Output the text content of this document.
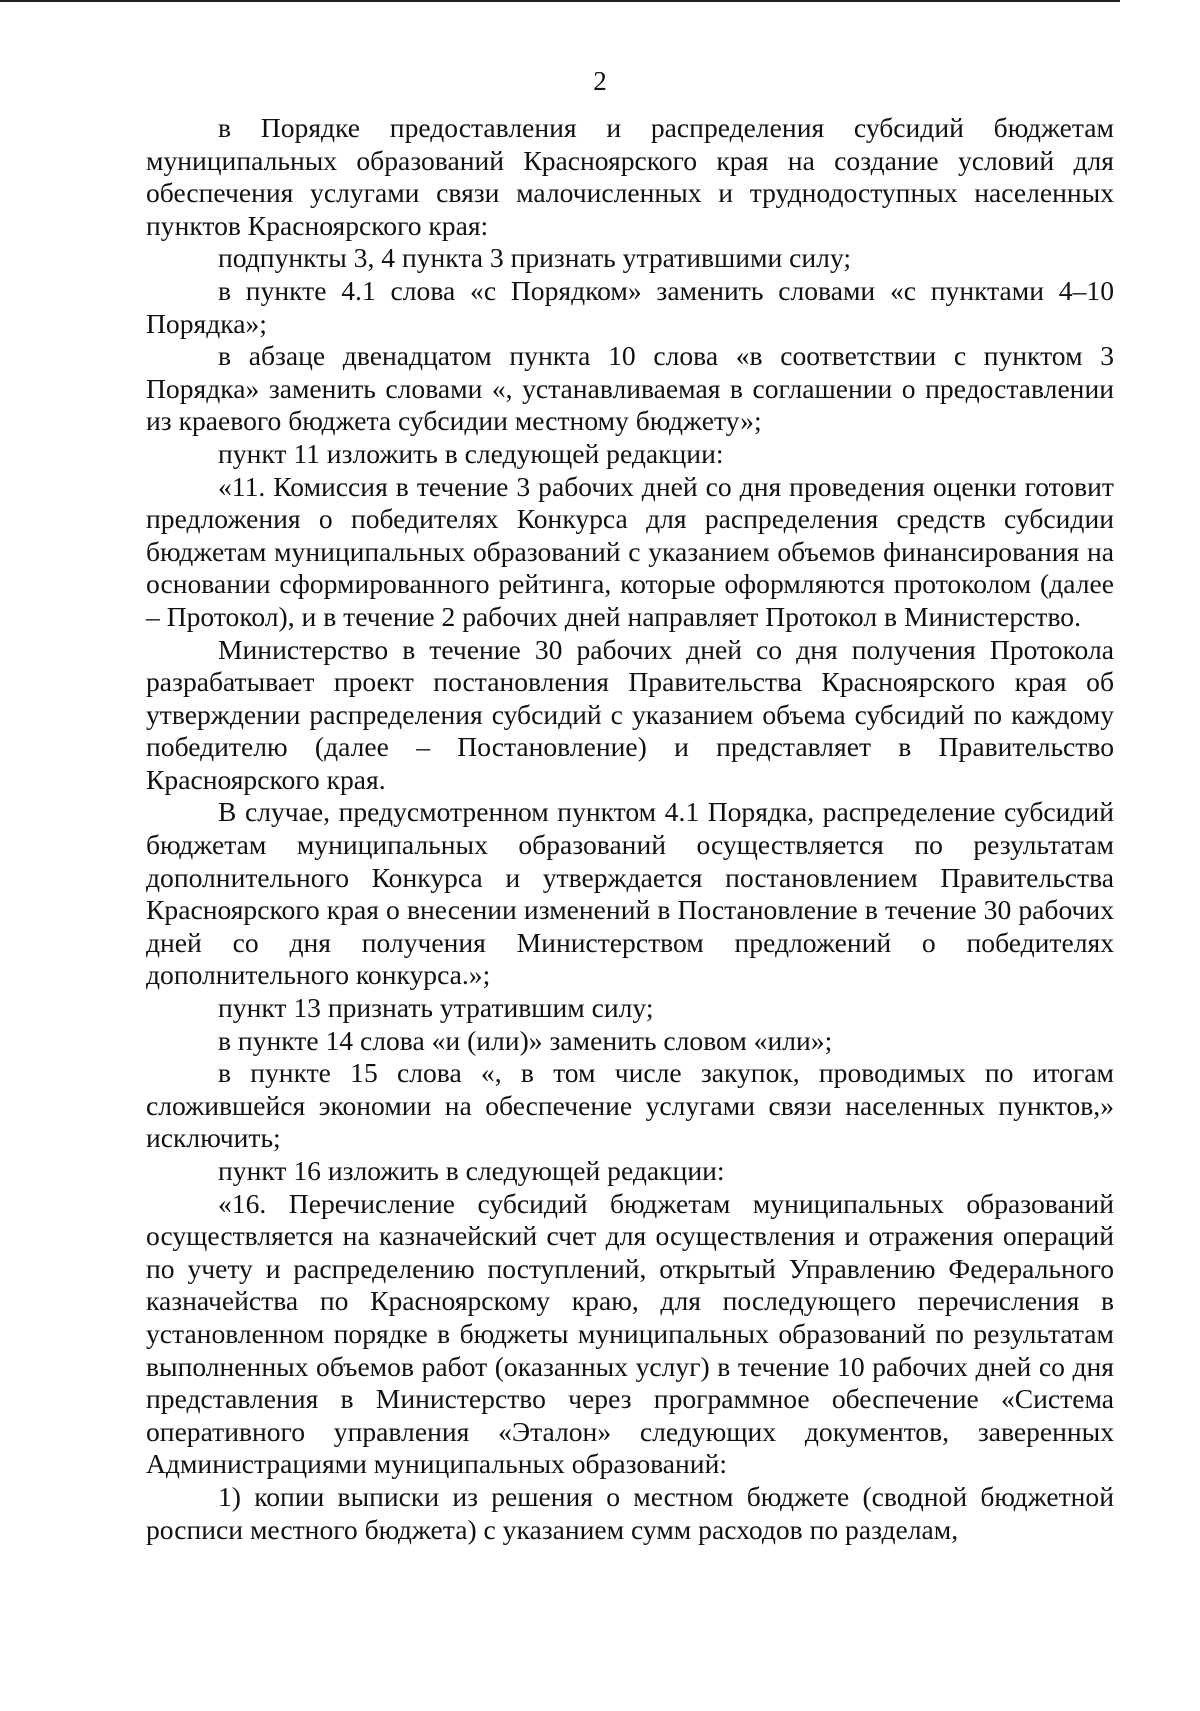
2

в Порядке предоставления и распределения субсидий бюджетам муниципальных образований Красноярского края на создание условий для обеспечения услугами связи малочисленных и труднодоступных населенных пунктов Красноярского края:

подпункты 3, 4 пункта 3 признать утратившими силу;

в пункте 4.1 слова «с Порядком» заменить словами «с пунктами 4–10 Порядка»;

в абзаце двенадцатом пункта 10 слова «в соответствии с пунктом 3 Порядка» заменить словами «, устанавливаемая в соглашении о предоставлении из краевого бюджета субсидии местному бюджету»;

пункт 11 изложить в следующей редакции:

«11. Комиссия в течение 3 рабочих дней со дня проведения оценки готовит предложения о победителях Конкурса для распределения средств субсидии бюджетам муниципальных образований с указанием объемов финансирования на основании сформированного рейтинга, которые оформляются протоколом (далее – Протокол), и в течение 2 рабочих дней направляет Протокол в Министерство.

Министерство в течение 30 рабочих дней со дня получения Протокола разрабатывает проект постановления Правительства Красноярского края об утверждении распределения субсидий с указанием объема субсидий по каждому победителю (далее – Постановление) и представляет в Правительство Красноярского края.

В случае, предусмотренном пунктом 4.1 Порядка, распределение субсидий бюджетам муниципальных образований осуществляется по результатам дополнительного Конкурса и утверждается постановлением Правительства Красноярского края о внесении изменений в Постановление в течение 30 рабочих дней со дня получения Министерством предложений о победителях дополнительного конкурса.»;

пункт 13 признать утратившим силу;

в пункте 14 слова «и (или)» заменить словом «или»;

в пункте 15 слова «, в том числе закупок, проводимых по итогам сложившейся экономии на обеспечение услугами связи населенных пунктов,» исключить;

пункт 16 изложить в следующей редакции:

«16. Перечисление субсидий бюджетам муниципальных образований осуществляется на казначейский счет для осуществления и отражения операций по учету и распределению поступлений, открытый Управлению Федерального казначейства по Красноярскому краю, для последующего перечисления в установленном порядке в бюджеты муниципальных образований по результатам выполненных объемов работ (оказанных услуг) в течение 10 рабочих дней со дня представления в Министерство через программное обеспечение «Система оперативного управления «Эталон» следующих документов, заверенных Администрациями муниципальных образований:

1) копии выписки из решения о местном бюджете (сводной бюджетной росписи местного бюджета) с указанием сумм расходов по разделам,
